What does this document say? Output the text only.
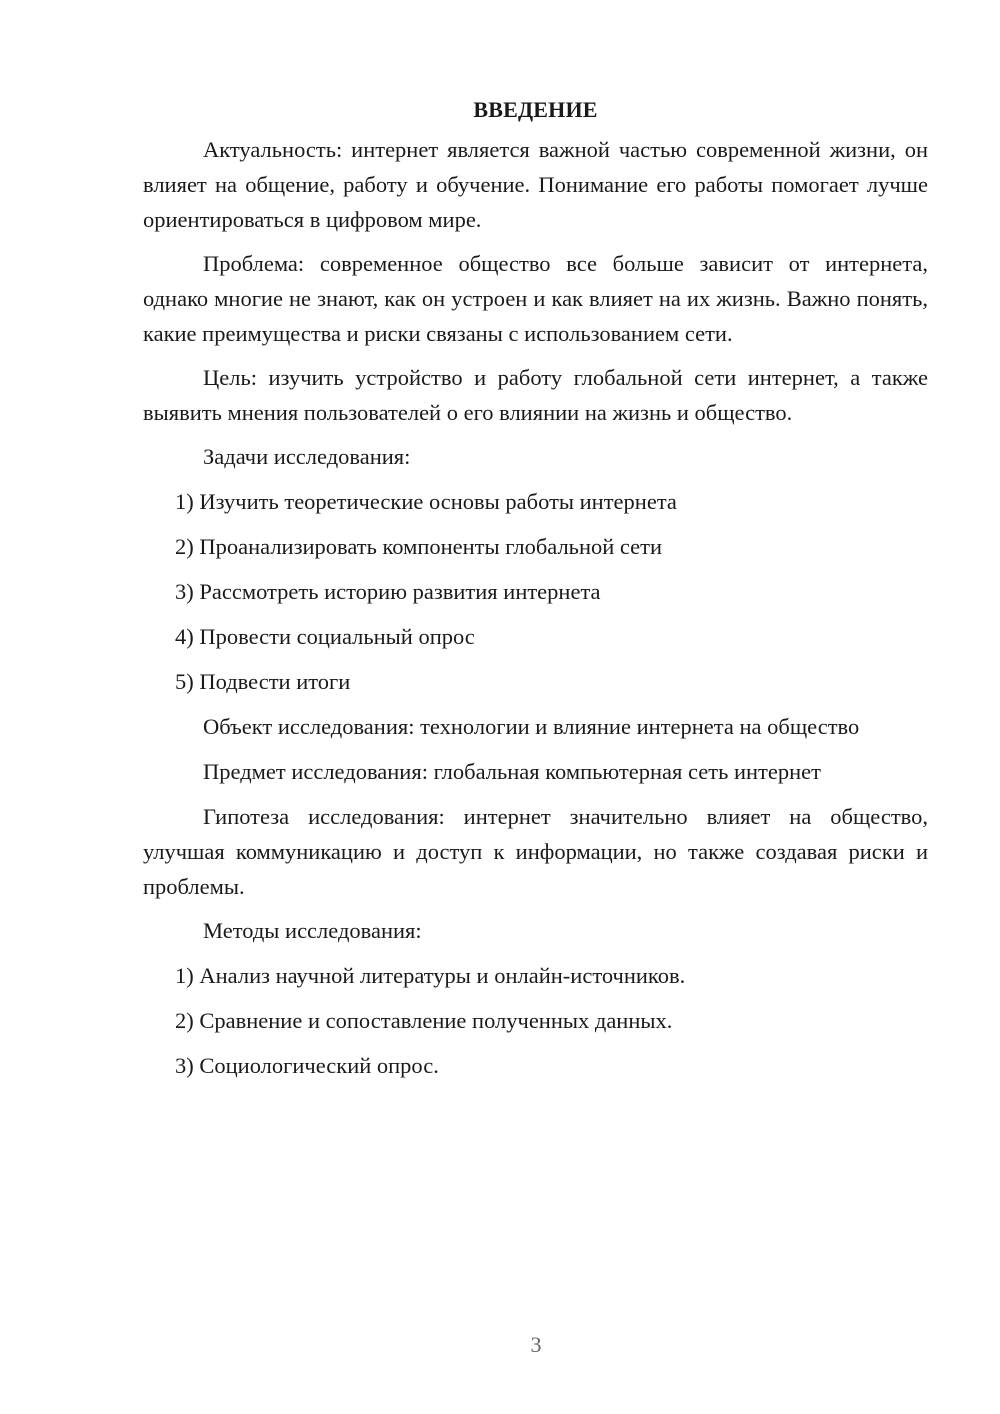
ВВЕДЕНИЕ

Актуальность: интернет является важной частью современной жизни, он влияет на общение, работу и обучение. Понимание его работы помогает лучше ориентироваться в цифровом мире.

Проблема: современное общество все больше зависит от интернета, однако многие не знают, как он устроен и как влияет на их жизнь. Важно понять, какие преимущества и риски связаны с использованием сети.

Цель: изучить устройство и работу глобальной сети интернет, а также выявить мнения пользователей о его влиянии на жизнь и общество.

Задачи исследования:
1) Изучить теоретические основы работы интернета
2) Проанализировать компоненты глобальной сети
3) Рассмотреть историю развития интернета
4) Провести социальный опрос
5) Подвести итоги
Объект исследования: технологии и влияние интернета на общество
Предмет исследования: глобальная компьютерная сеть интернет

Гипотеза исследования: интернет значительно влияет на общество, улучшая коммуникацию и доступ к информации, но также создавая риски и проблемы.

Методы исследования:
1) Анализ научной литературы и онлайн-источников.
2) Сравнение и сопоставление полученных данных.
3) Социологический опрос.
3
